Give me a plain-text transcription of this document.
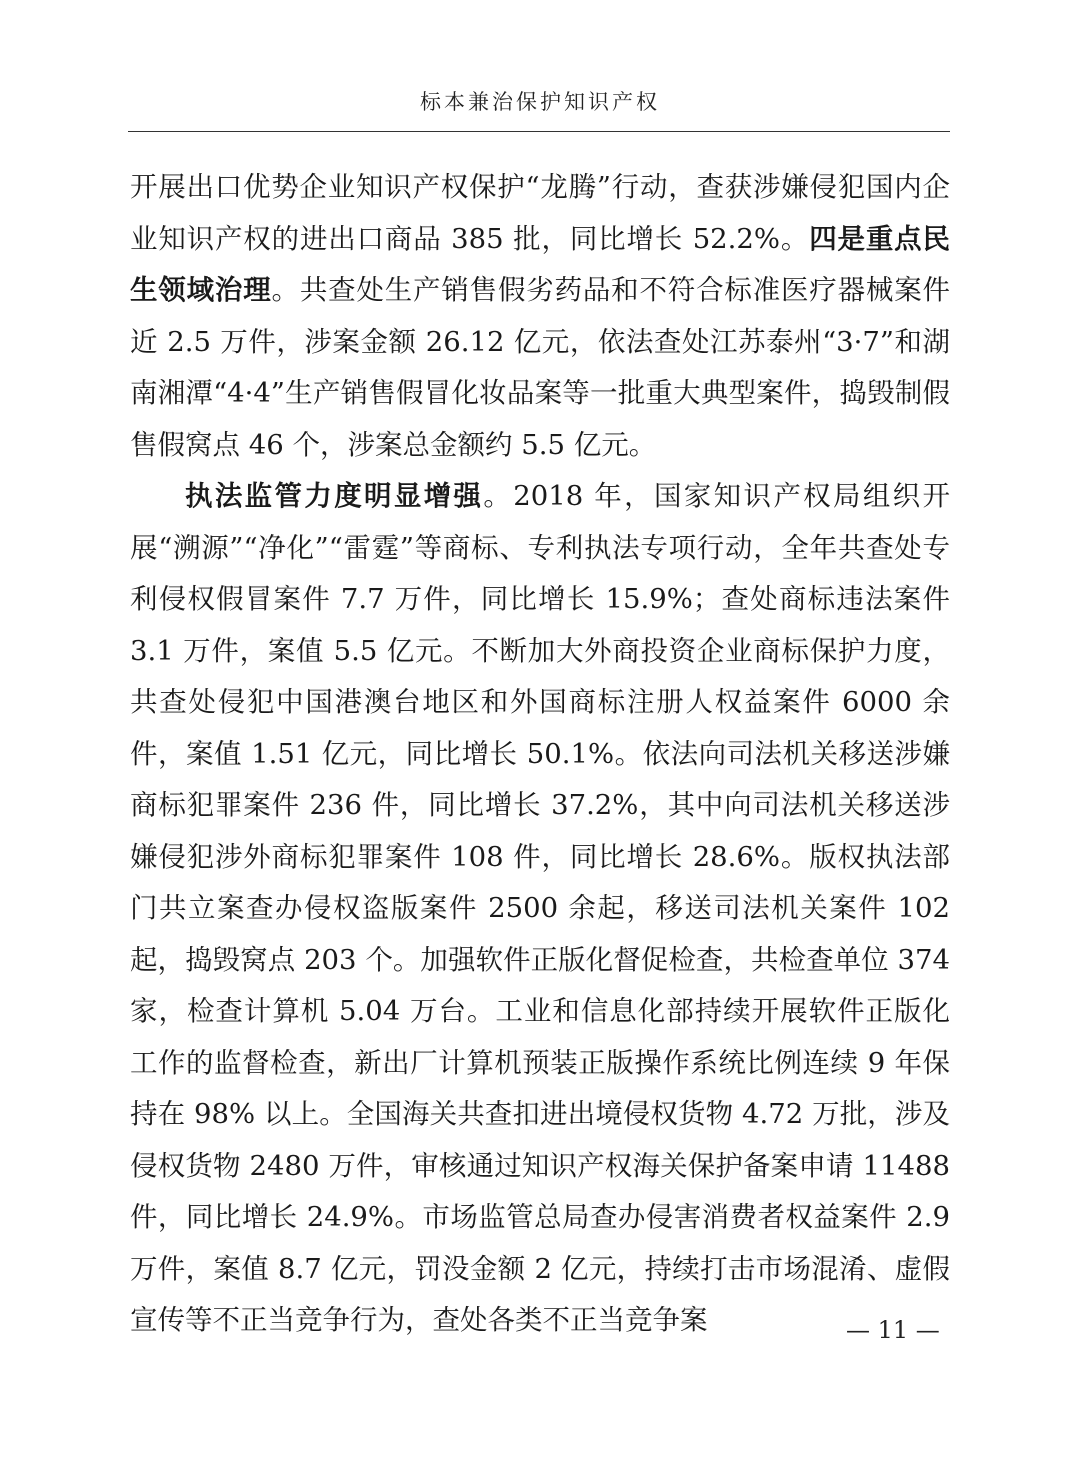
标本兼治保护知识产权

开展出口优势企业知识产权保护“龙腾”行动，查获涉嫌侵犯国内企业知识产权的进出口商品 385 批，同比增长 52.2%。四是重点民生领域治理。共查处生产销售假劣药品和不符合标准医疗器械案件近 2.5 万件，涉案金额 26.12 亿元，依法查处江苏泰州“3·7”和湖南湘潭“4·4”生产销售假冒化妆品案等一批重大典型案件，捣毁制假售假窝点 46 个，涉案总金额约 5.5 亿元。

执法监管力度明显增强。2018 年，国家知识产权局组织开展“溯源”“净化”“雷霆”等商标、专利执法专项行动，全年共查处专利侵权假冒案件 7.7 万件，同比增长 15.9%；查处商标违法案件 3.1 万件，案值 5.5 亿元。不断加大外商投资企业商标保护力度，共查处侵犯中国港澳台地区和外国商标注册人权益案件 6000 余件，案值 1.51 亿元，同比增长 50.1%。依法向司法机关移送涉嫌商标犯罪案件 236 件，同比增长 37.2%，其中向司法机关移送涉嫌侵犯涉外商标犯罪案件 108 件，同比增长 28.6%。版权执法部门共立案查办侵权盗版案件 2500 余起，移送司法机关案件 102 起，捣毁窝点 203 个。加强软件正版化督促检查，共检查单位 374 家，检查计算机 5.04 万台。工业和信息化部持续开展软件正版化工作的监督检查，新出厂计算机预装正版操作系统比例连续 9 年保持在 98% 以上。全国海关共查扣进出境侵权货物 4.72 万批，涉及侵权货物 2480 万件，审核通过知识产权海关保护备案申请 11488 件，同比增长 24.9%。市场监管总局查办侵害消费者权益案件 2.9 万件，案值 8.7 亿元，罚没金额 2 亿元，持续打击市场混淆、虚假宣传等不正当竞争行为，查处各类不正当竞争案	— 11 —
